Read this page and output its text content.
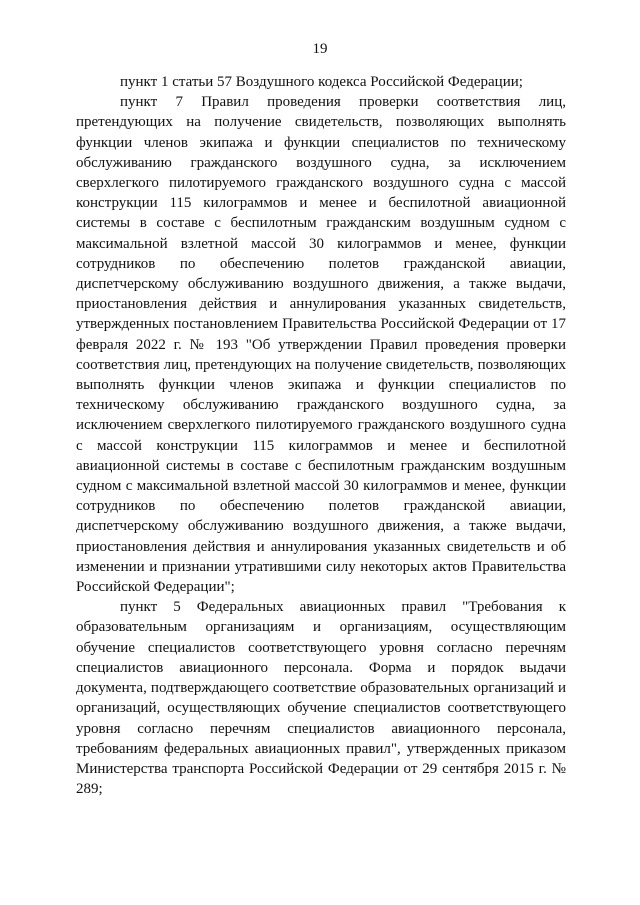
19

пункт 1 статьи 57 Воздушного кодекса Российской Федерации;

пункт 7 Правил проведения проверки соответствия лиц, претендующих на получение свидетельств, позволяющих выполнять функции членов экипажа и функции специалистов по техническому обслуживанию гражданского воздушного судна, за исключением сверхлегкого пилотируемого гражданского воздушного судна с массой конструкции 115 килограммов и менее и беспилотной авиационной системы в составе с беспилотным гражданским воздушным судном с максимальной взлетной массой 30 килограммов и менее, функции сотрудников по обеспечению полетов гражданской авиации, диспетчерскому обслуживанию воздушного движения, а также выдачи, приостановления действия и аннулирования указанных свидетельств, утвержденных постановлением Правительства Российской Федерации от 17 февраля 2022 г. № 193 "Об утверждении Правил проведения проверки соответствия лиц, претендующих на получение свидетельств, позволяющих выполнять функции членов экипажа и функции специалистов по техническому обслуживанию гражданского воздушного судна, за исключением сверхлегкого пилотируемого гражданского воздушного судна с массой конструкции 115 килограммов и менее и беспилотной авиационной системы в составе с беспилотным гражданским воздушным судном с максимальной взлетной массой 30 килограммов и менее, функции сотрудников по обеспечению полетов гражданской авиации, диспетчерскому обслуживанию воздушного движения, а также выдачи, приостановления действия и аннулирования указанных свидетельств и об изменении и признании утратившими силу некоторых актов Правительства Российской Федерации";

пункт 5 Федеральных авиационных правил "Требования к образовательным организациям и организациям, осуществляющим обучение специалистов соответствующего уровня согласно перечням специалистов авиационного персонала. Форма и порядок выдачи документа, подтверждающего соответствие образовательных организаций и организаций, осуществляющих обучение специалистов соответствующего уровня согласно перечням специалистов авиационного персонала, требованиям федеральных авиационных правил", утвержденных приказом Министерства транспорта Российской Федерации от 29 сентября 2015 г. № 289;
